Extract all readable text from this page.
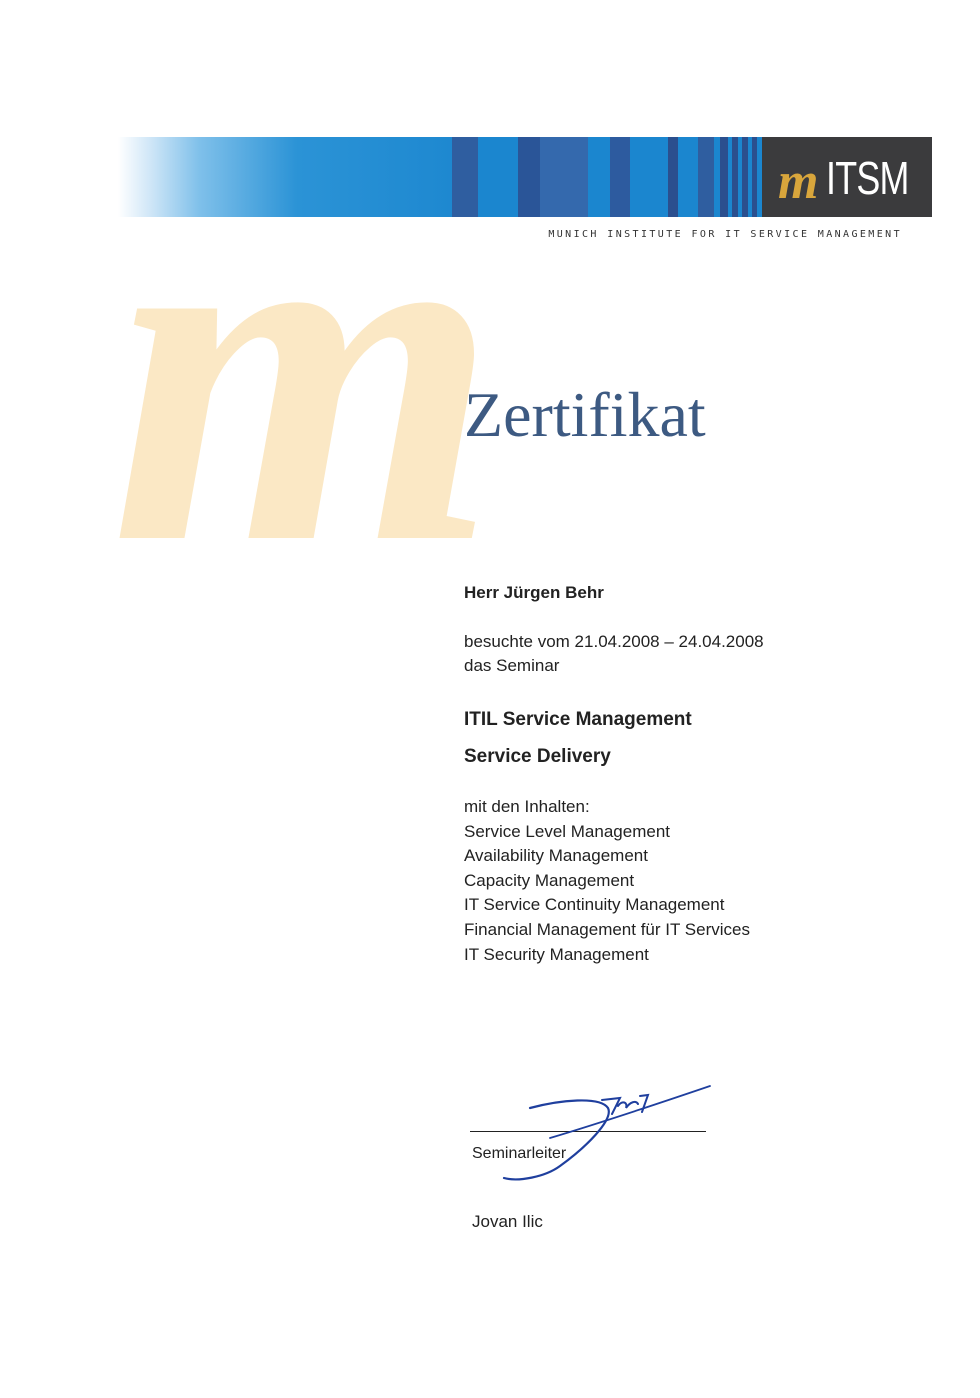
m ITSM
MUNICH INSTITUTE FOR IT SERVICE MANAGEMENT
m
Zertifikat
Herr Jürgen Behr
besuchte vom 21.04.2008 – 24.04.2008
das Seminar
ITIL Service Management
Service Delivery
mit den Inhalten:
Service Level Management
Availability Management
Capacity Management
IT Service Continuity Management
Financial Management für IT Services
IT Security Management
Seminarleiter
Jovan Ilic
